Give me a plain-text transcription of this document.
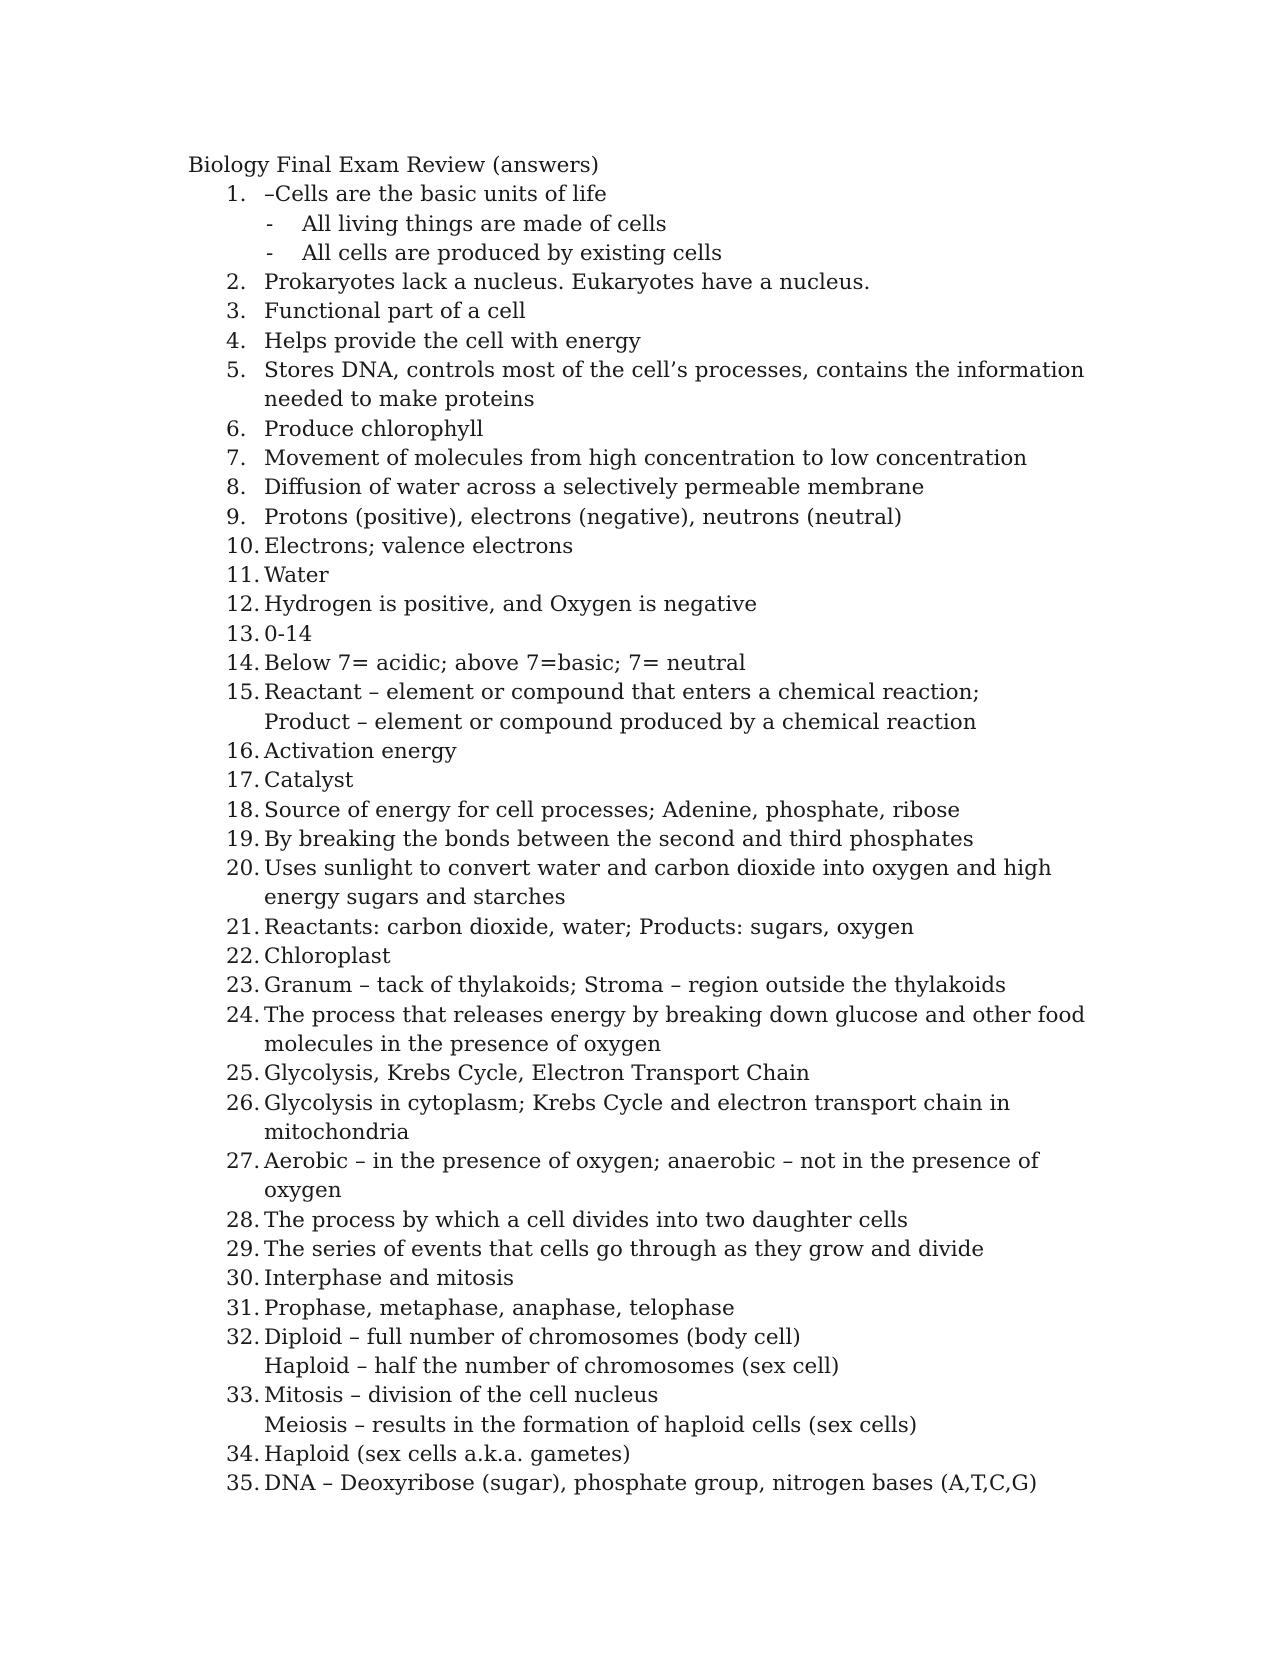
Biology Final Exam Review (answers)
1. –Cells are the basic units of life
- All living things are made of cells
- All cells are produced by existing cells
2. Prokaryotes lack a nucleus. Eukaryotes have a nucleus.
3. Functional part of a cell
4. Helps provide the cell with energy
5. Stores DNA, controls most of the cell’s processes, contains the information
needed to make proteins
6. Produce chlorophyll
7. Movement of molecules from high concentration to low concentration
8. Diffusion of water across a selectively permeable membrane
9. Protons (positive), electrons (negative), neutrons (neutral)
10. Electrons; valence electrons
11. Water
12. Hydrogen is positive, and Oxygen is negative
13. 0-14
14. Below 7= acidic; above 7=basic; 7= neutral
15. Reactant – element or compound that enters a chemical reaction;
Product – element or compound produced by a chemical reaction
16. Activation energy
17. Catalyst
18. Source of energy for cell processes; Adenine, phosphate, ribose
19. By breaking the bonds between the second and third phosphates
20. Uses sunlight to convert water and carbon dioxide into oxygen and high
energy sugars and starches
21. Reactants: carbon dioxide, water; Products: sugars, oxygen
22. Chloroplast
23. Granum – tack of thylakoids; Stroma – region outside the thylakoids
24. The process that releases energy by breaking down glucose and other food
molecules in the presence of oxygen
25. Glycolysis, Krebs Cycle, Electron Transport Chain
26. Glycolysis in cytoplasm; Krebs Cycle and electron transport chain in
mitochondria
27. Aerobic – in the presence of oxygen; anaerobic – not in the presence of
oxygen
28. The process by which a cell divides into two daughter cells
29. The series of events that cells go through as they grow and divide
30. Interphase and mitosis
31. Prophase, metaphase, anaphase, telophase
32. Diploid – full number of chromosomes (body cell)
Haploid – half the number of chromosomes (sex cell)
33. Mitosis – division of the cell nucleus
Meiosis – results in the formation of haploid cells (sex cells)
34. Haploid (sex cells a.k.a. gametes)
35. DNA – Deoxyribose (sugar), phosphate group, nitrogen bases (A,T,C,G)
